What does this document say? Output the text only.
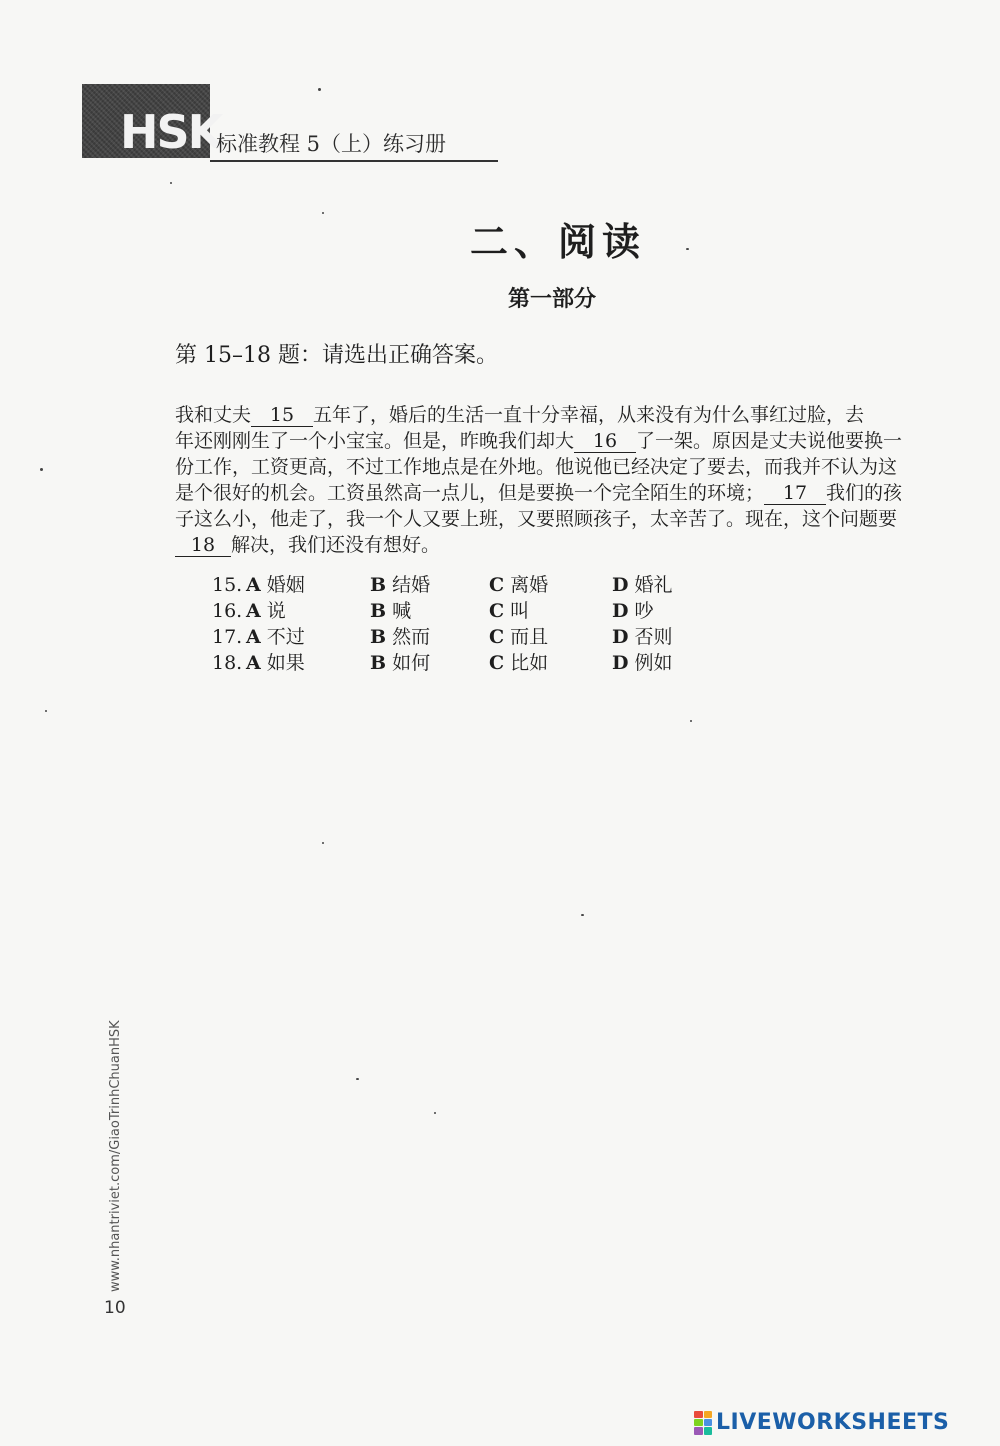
HSK
标准教程 5（上）练习册
二、阅读
第一部分
第 15–18 题：请选出正确答案。
我和丈夫 15 五年了，婚后的生活一直十分幸福，从来没有为什么事红过脸，去
年还刚刚生了一个小宝宝。但是，昨晚我们却大 16 了一架。原因是丈夫说他要换一
份工作，工资更高，不过工作地点是在外地。他说他已经决定了要去，而我并不认为这
是个很好的机会。工资虽然高一点儿，但是要换一个完全陌生的环境； 17 我们的孩
子这么小，他走了，我一个人又要上班，又要照顾孩子，太辛苦了。现在，这个问题要
18 解决，我们还没有想好。
15. A 婚姻	B 结婚	C 离婚	D 婚礼
16. A 说	B 喊	C 叫	D 吵
17. A 不过	B 然而	C 而且	D 否则
18. A 如果	B 如何	C 比如	D 例如
www.nhantriviet.com/GiaoTrinhChuanHSK
10
LIVEWORKSHEETS
